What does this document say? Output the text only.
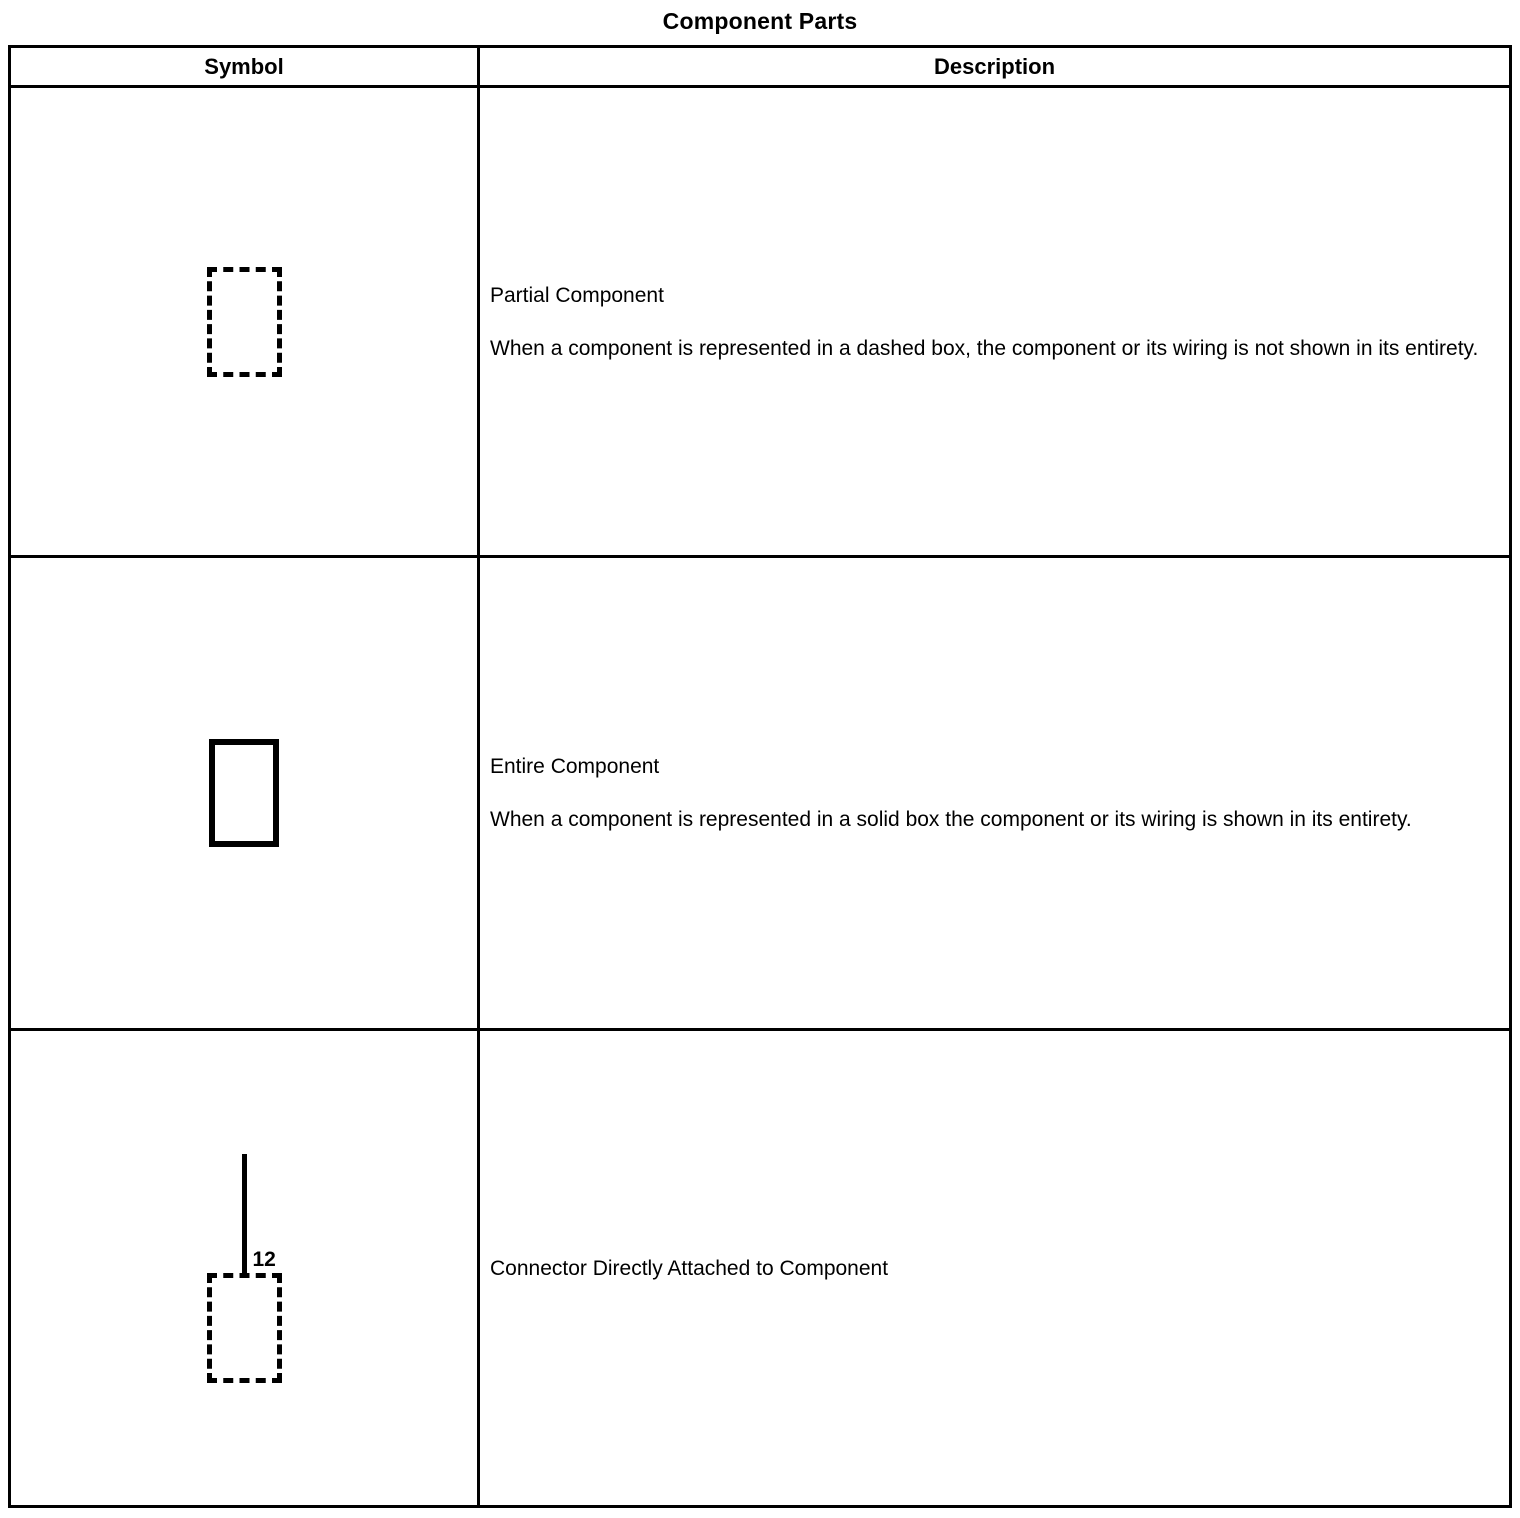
Component Parts
Symbol	Description

Partial Component

When a component is represented in a dashed box, the component or its wiring is not shown in its entirety.

Entire Component

When a component is represented in a solid box the component or its wiring is shown in its entirety.

12	Connector Directly Attached to Component
